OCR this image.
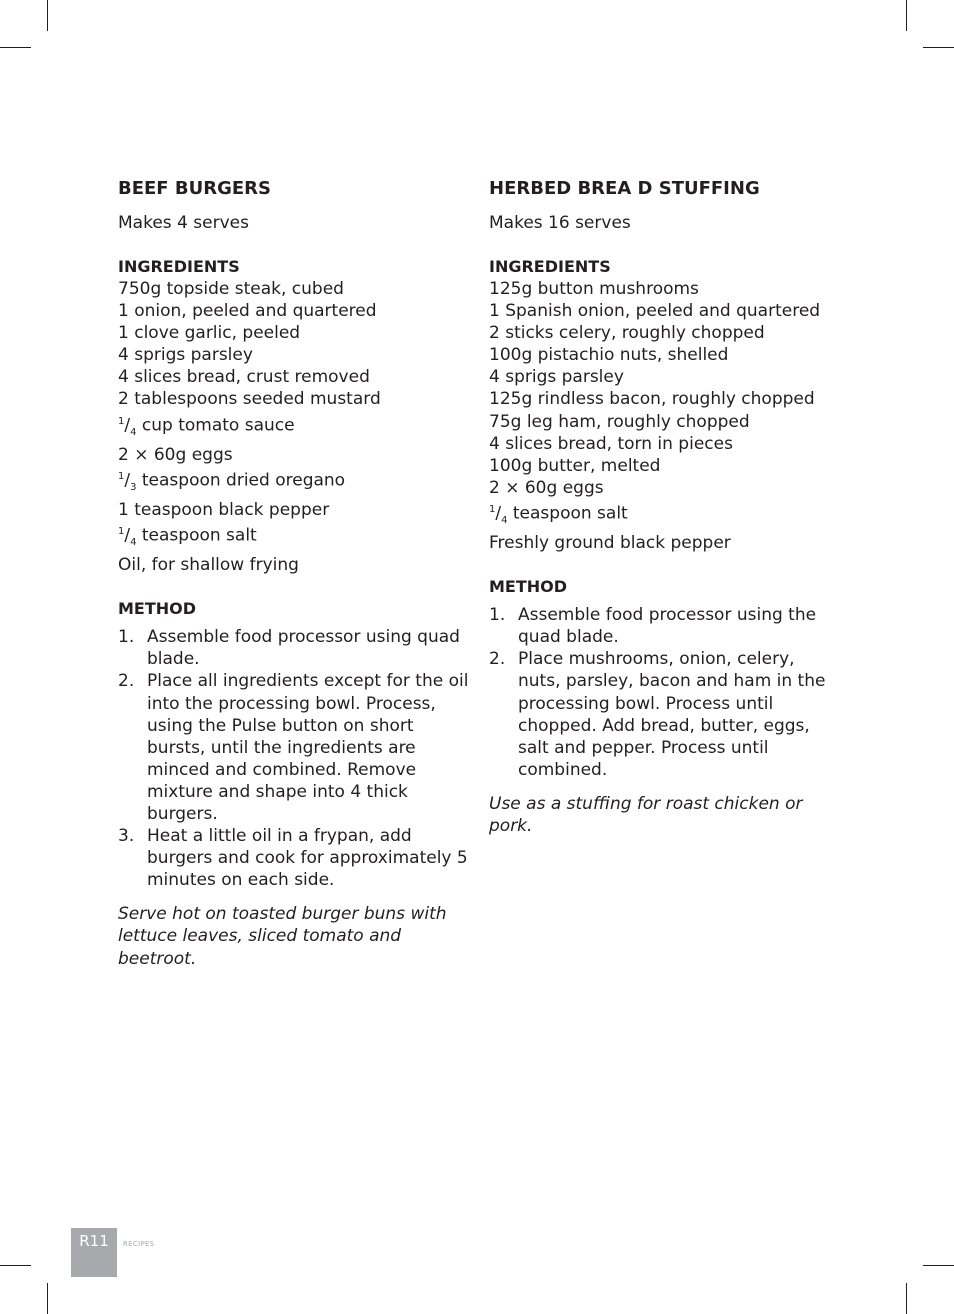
BEEF BURGERS
Makes 4 serves
INGREDIENTS
750g topside steak, cubed
1 onion, peeled and quartered
1 clove garlic, peeled
4 sprigs parsley
4 slices bread, crust removed
2 tablespoons seeded mustard
$^1/_4$ cup tomato sauce
2 × 60g eggs
$^1/_3$ teaspoon dried oregano
1 teaspoon black pepper
$^1/_4$ teaspoon salt
Oil, for shallow frying
METHOD
1. Assemble food processor using quad blade.
2. Place all ingredients except for the oil into the processing bowl. Process, using the Pulse button on short bursts, until the ingredients are minced and combined. Remove mixture and shape into 4 thick burgers.
3. Heat a little oil in a frypan, add burgers and cook for approximately 5 minutes on each side.
Serve hot on toasted burger buns with lettuce leaves, sliced tomato and beetroot.
HERBED BREA D STUFFING
Makes 16 serves
INGREDIENTS
125g button mushrooms
1 Spanish onion, peeled and quartered
2 sticks celery, roughly chopped
100g pistachio nuts, shelled
4 sprigs parsley
125g rindless bacon, roughly chopped
75g leg ham, roughly chopped
4 slices bread, torn in pieces
100g butter, melted
2 × 60g eggs
$^1/_4$ teaspoon salt
Freshly ground black pepper
METHOD
1. Assemble food processor using the quad blade.
2. Place mushrooms, onion, celery, nuts, parsley, bacon and ham in the processing bowl. Process until chopped. Add bread, butter, eggs, salt and pepper. Process until combined.
Use as a stuffing for roast chicken or pork.
R11	RECIPES
